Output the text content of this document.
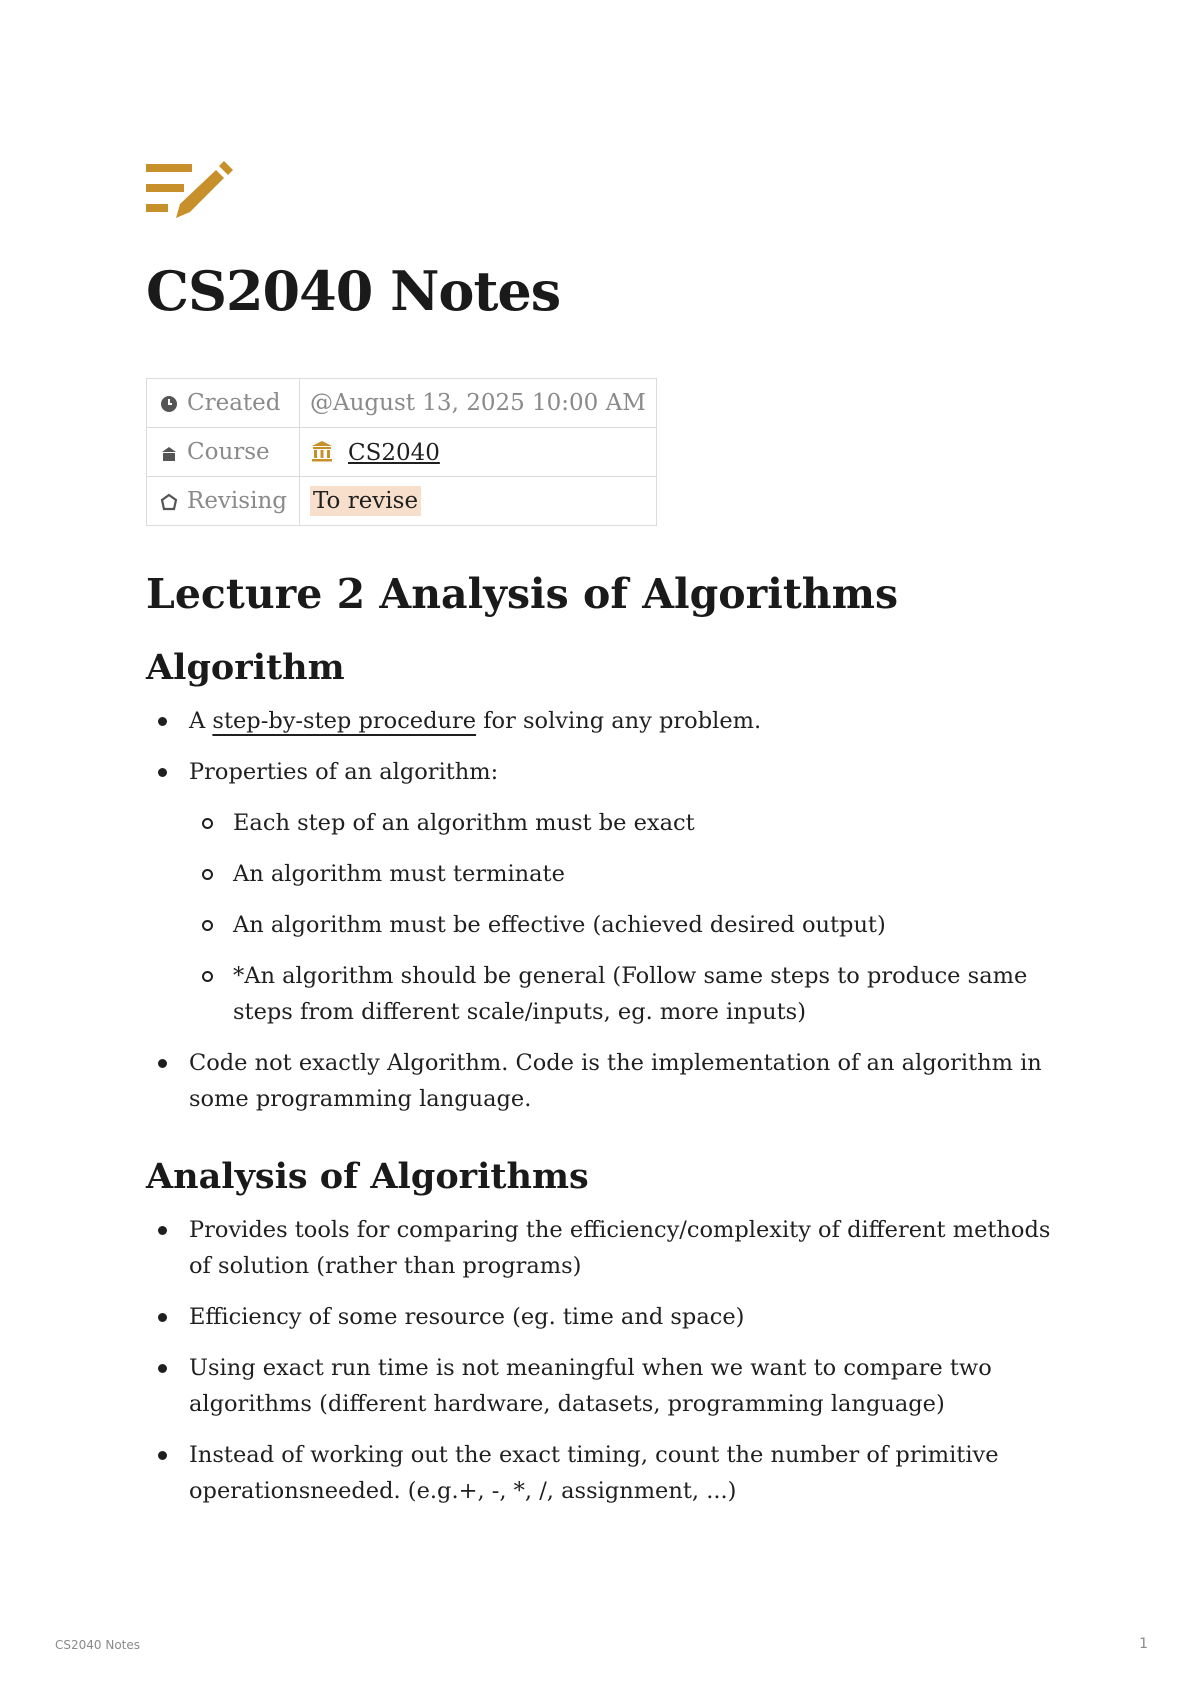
CS2040 Notes
Created	@August 13, 2025 10:00 AM
Course	CS2040
Revising	To revise
Lecture 2 Analysis of Algorithms
Algorithm
A step-by-step procedure for solving any problem.
Properties of an algorithm:
Each step of an algorithm must be exact
An algorithm must terminate
An algorithm must be effective (achieved desired output)
*An algorithm should be general (Follow same steps to produce same steps from different scale/inputs, eg. more inputs)
Code not exactly Algorithm. Code is the implementation of an algorithm in some programming language.
Analysis of Algorithms
Provides tools for comparing the efficiency/complexity of different methods of solution (rather than programs)
Efficiency of some resource (eg. time and space)
Using exact run time is not meaningful when we want to compare two algorithms (different hardware, datasets, programming language)
Instead of working out the exact timing, count the number of primitive operationsneeded. (e.g.+, -, *, /, assignment, ...)
CS2040 Notes	1
